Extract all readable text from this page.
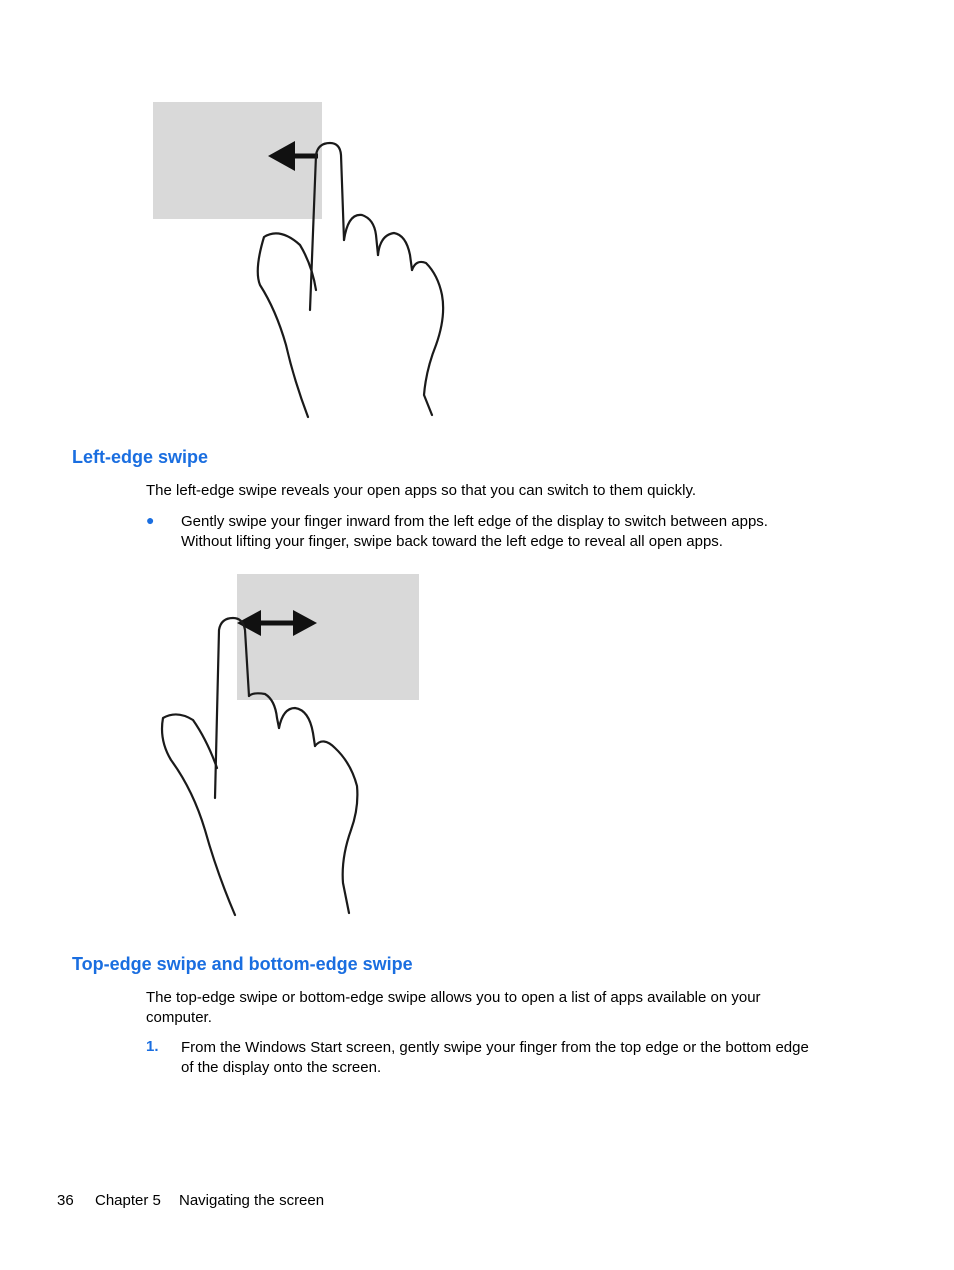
Left-edge swipe
The left-edge swipe reveals your open apps so that you can switch to them quickly.
● Gently swipe your finger inward from the left edge of the display to switch between apps.
Without lifting your finger, swipe back toward the left edge to reveal all open apps.
Top-edge swipe and bottom-edge swipe
The top-edge swipe or bottom-edge swipe allows you to open a list of apps available on your
computer.
1. From the Windows Start screen, gently swipe your finger from the top edge or the bottom edge
of the display onto the screen.
36 Chapter 5 Navigating the screen
